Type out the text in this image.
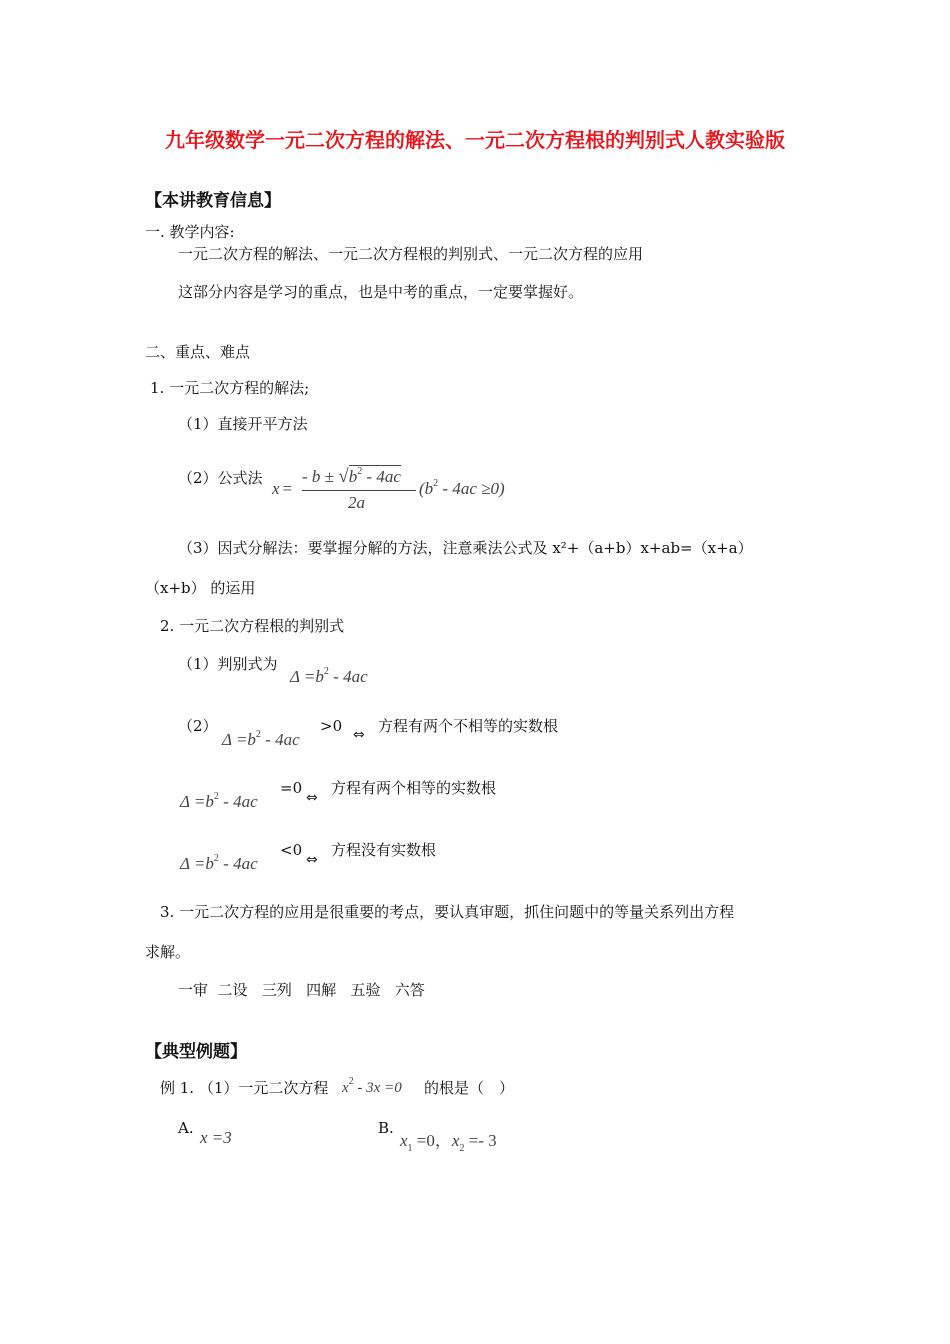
九年级数学一元二次方程的解法、一元二次方程根的判别式人教实验版
【本讲教育信息】
一. 教学内容:
一元二次方程的解法、一元二次方程根的判别式、一元二次方程的应用
这部分内容是学习的重点，也是中考的重点，一定要掌握好。
二、重点、难点
1. 一元二次方程的解法;
（1）直接开平方法
（2）公式法
x =
- $b \pm √b^2 - 4ac$
2a
$(b^2 - 4ac \ge 0)$
（3）因式分解法：要掌握分解的方法，注意乘法公式及 x²+（a+b）x+ab=（x+a）
（x+b） 的运用
2. 一元二次方程根的判别式
（1）判别式为
$\Delta =b^2 - 4ac$
（2）
$\Delta =b^2 - 4ac$
>0 ⇔ 方程有两个不相等的实数根
$\Delta =b^2 - 4ac$
=0
⇔
方程有两个相等的实数根
$\Delta =b^2 - 4ac$
<0
⇔
方程没有实数根
3. 一元二次方程的应用是很重要的考点，要认真审题，抓住问题中的等量关系列出方程
求解。
一审  二设   三列   四解   五验   六答
【典型例题】
例 1. （1）一元二次方程 $x^2 - 3x =0$ 的根是（　）
A. x =3	B.
$x_1 =0$，$x_2 =- 3$
